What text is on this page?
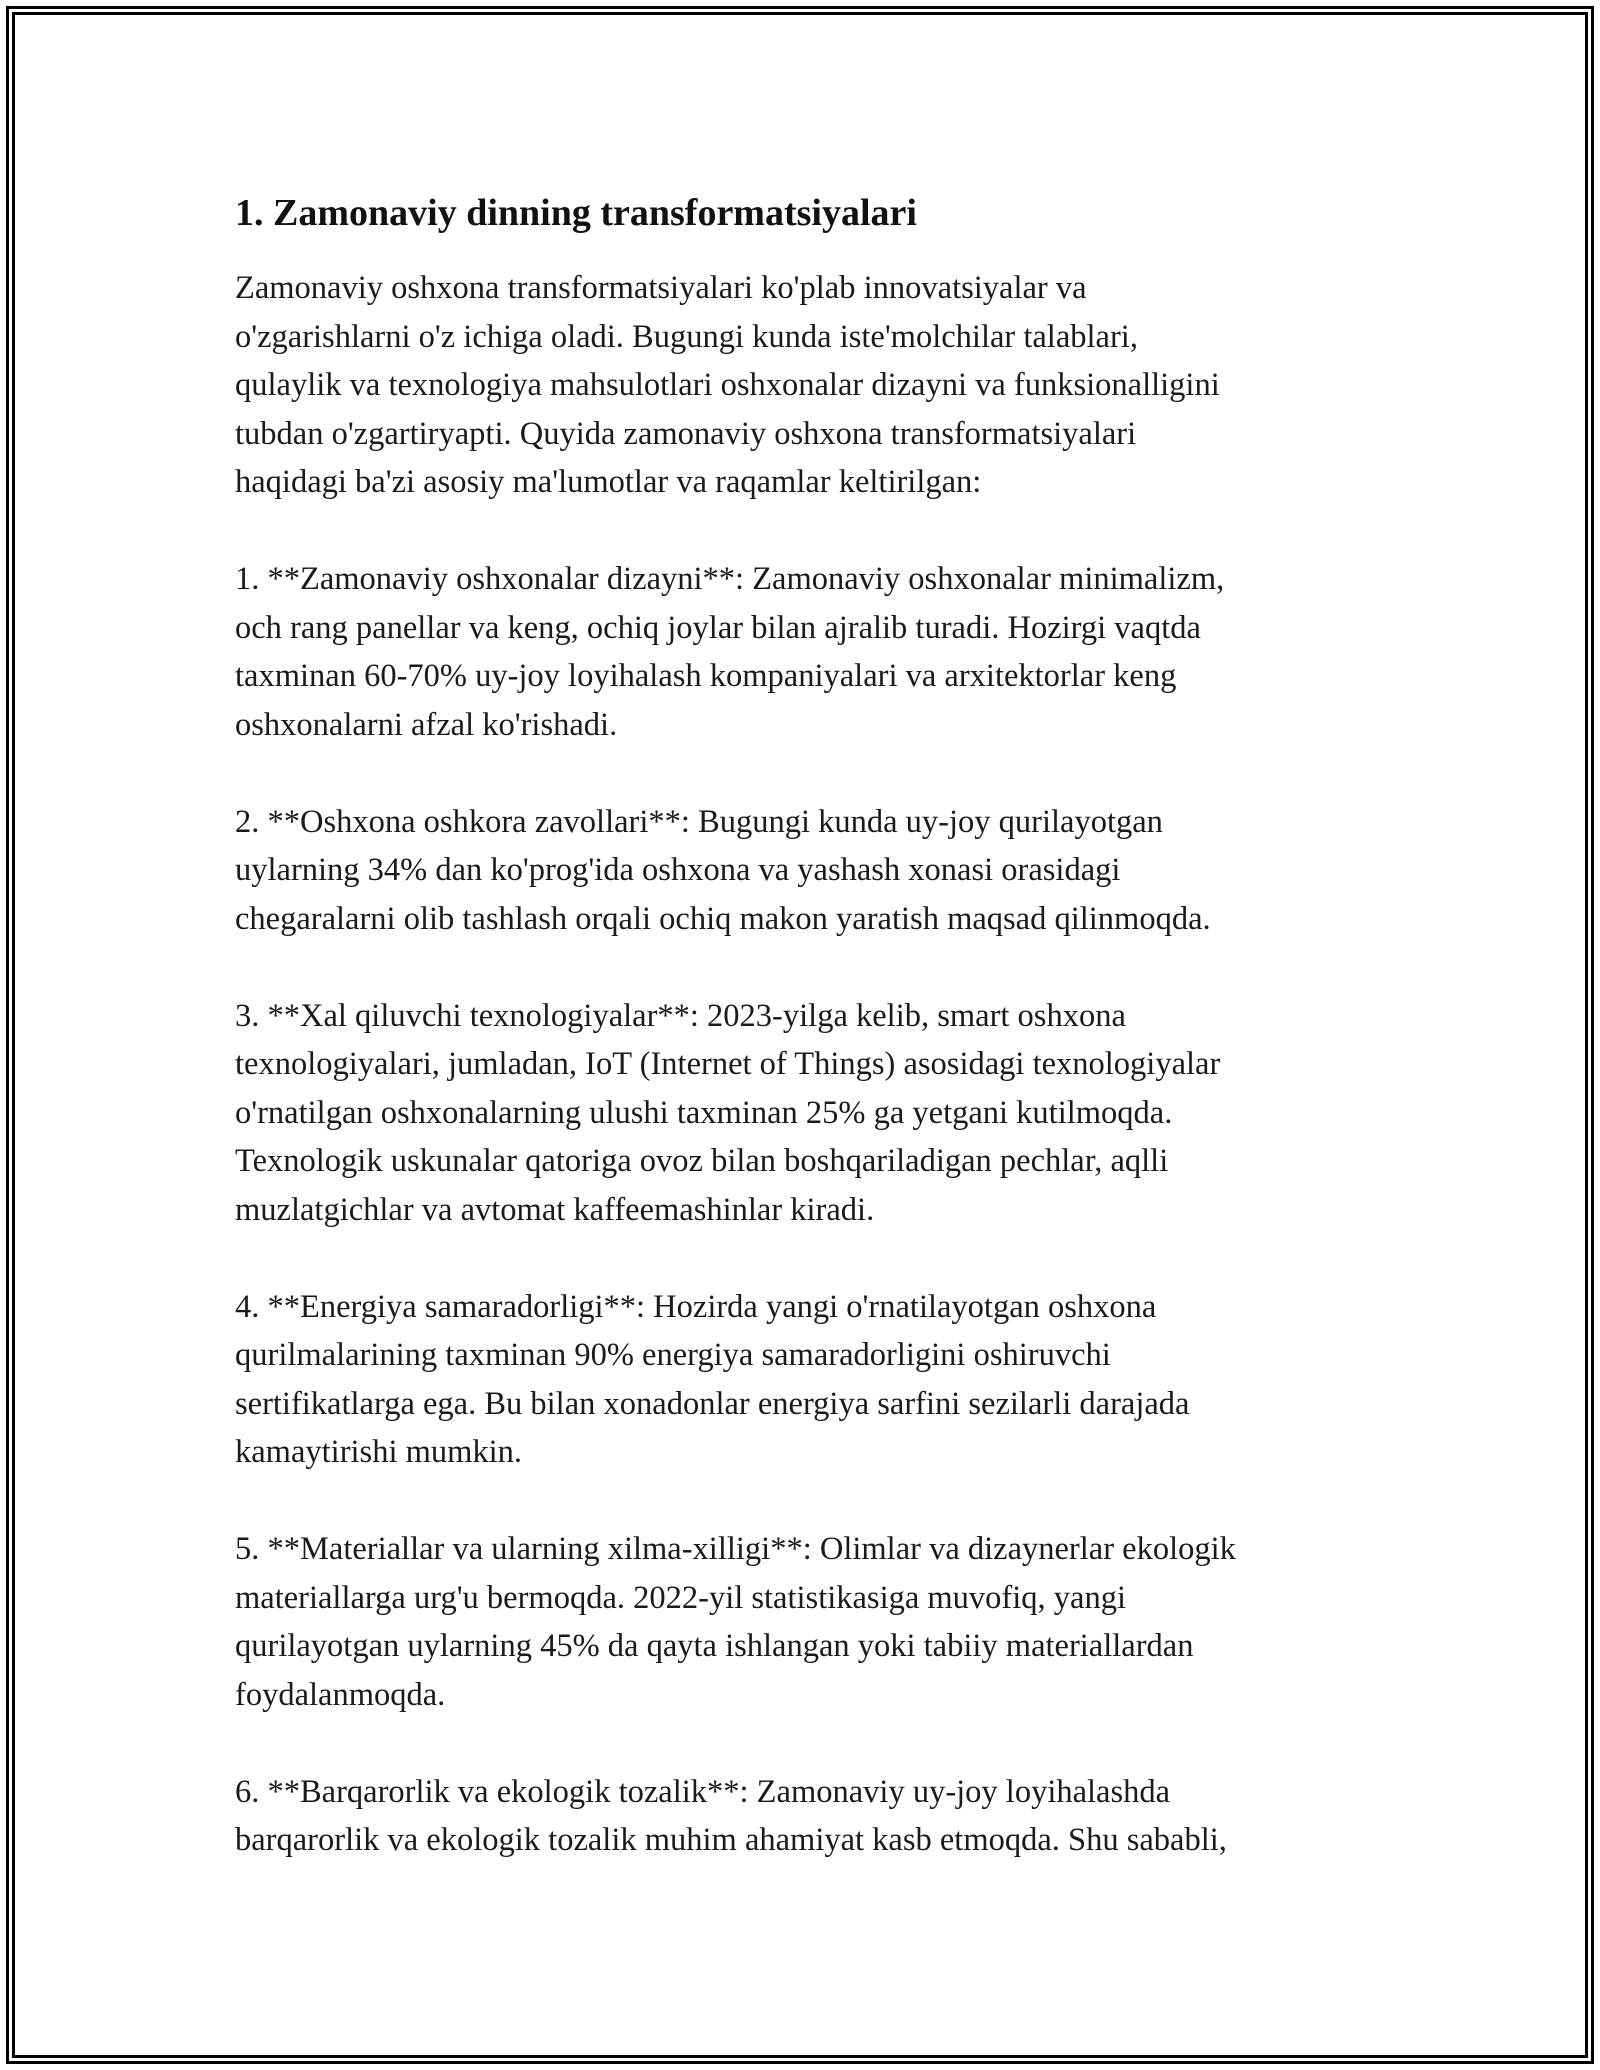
1. Zamonaviy dinning transformatsiyalari

Zamonaviy oshxona transformatsiyalari ko'plab innovatsiyalar va
o'zgarishlarni o'z ichiga oladi. Bugungi kunda iste'molchilar talablari,
qulaylik va texnologiya mahsulotlari oshxonalar dizayni va funksionalligini
tubdan o'zgartiryapti. Quyida zamonaviy oshxona transformatsiyalari
haqidagi ba'zi asosiy ma'lumotlar va raqamlar keltirilgan:

1. **Zamonaviy oshxonalar dizayni**: Zamonaviy oshxonalar minimalizm,
och rang panellar va keng, ochiq joylar bilan ajralib turadi. Hozirgi vaqtda
taxminan 60-70% uy-joy loyihalash kompaniyalari va arxitektorlar keng
oshxonalarni afzal ko'rishadi.

2. **Oshxona oshkora zavollari**: Bugungi kunda uy-joy qurilayotgan
uylarning 34% dan ko'prog'ida oshxona va yashash xonasi orasidagi
chegaralarni olib tashlash orqali ochiq makon yaratish maqsad qilinmoqda.

3. **Xal qiluvchi texnologiyalar**: 2023-yilga kelib, smart oshxona
texnologiyalari, jumladan, IoT (Internet of Things) asosidagi texnologiyalar
o'rnatilgan oshxonalarning ulushi taxminan 25% ga yetgani kutilmoqda.
Texnologik uskunalar qatoriga ovoz bilan boshqariladigan pechlar, aqlli
muzlatgichlar va avtomat kaffeemashinlar kiradi.

4. **Energiya samaradorligi**: Hozirda yangi o'rnatilayotgan oshxona
qurilmalarining taxminan 90% energiya samaradorligini oshiruvchi
sertifikatlarga ega. Bu bilan xonadonlar energiya sarfini sezilarli darajada
kamaytirishi mumkin.

5. **Materiallar va ularning xilma-xilligi**: Olimlar va dizaynerlar ekologik
materiallarga urg'u bermoqda. 2022-yil statistikasiga muvofiq, yangi
qurilayotgan uylarning 45% da qayta ishlangan yoki tabiiy materiallardan
foydalanmoqda.

6. **Barqarorlik va ekologik tozalik**: Zamonaviy uy-joy loyihalashda
barqarorlik va ekologik tozalik muhim ahamiyat kasb etmoqda. Shu sababli,
